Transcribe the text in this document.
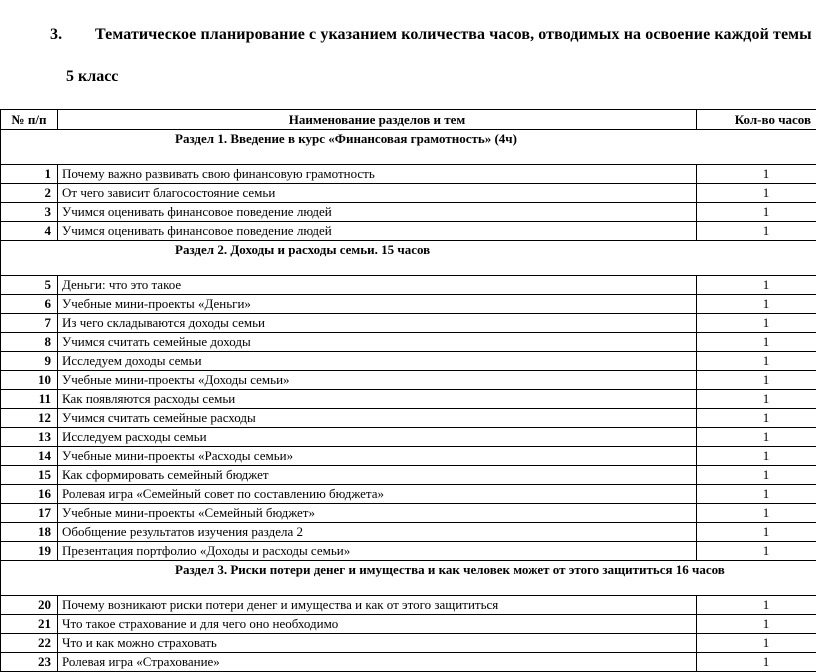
3. Тематическое планирование с указанием количества часов, отводимых на освоение каждой темы
5 класс
№ п/п	Наименование разделов и тем	Кол-во часов

Раздел 1. Введение в курс «Финансовая грамотность» (4ч)		

1	Почему важно развивать свою финансовую грамотность	1
2	От чего зависит благосостояние семьи	1
3	Учимся оценивать финансовое поведение людей	1
4	Учимся оценивать финансовое поведение людей	1

Раздел 2. Доходы и расходы семьи. 15 часов		

5	Деньги: что это такое	1
6	Учебные мини-проекты «Деньги»	1
7	Из чего складываются доходы семьи	1
8	Учимся считать семейные доходы	1
9	Исследуем доходы семьи	1
10	Учебные мини-проекты «Доходы семьи»	1
11	Как появляются расходы семьи	1
12	Учимся считать семейные расходы	1
13	Исследуем расходы семьи	1
14	Учебные мини-проекты «Расходы семьи»	1
15	Как сформировать семейный бюджет	1
16	Ролевая игра «Семейный совет по составлению бюджета»	1
17	Учебные мини-проекты «Семейный бюджет»	1
18	Обобщение результатов изучения раздела 2	1
19	Презентация портфолио «Доходы и расходы семьи»	1

Раздел 3. Риски потери денег и имущества и как человек может от этого защититься 16 часов		

20	Почему возникают риски потери денег и имущества и как от этого защититься	1
21	Что такое страхование и для чего оно необходимо	1
22	Что и как можно страховать	1
23	Ролевая игра «Страхование»	1
